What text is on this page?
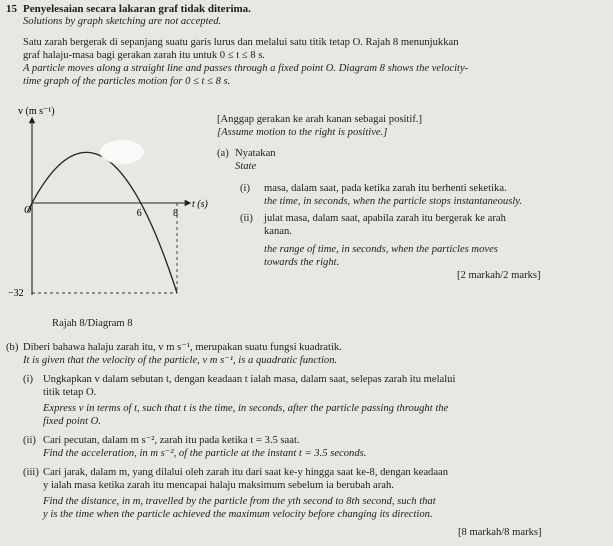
15 Penyelesaian secara lakaran graf tidak diterima.
Solutions by graph sketching are not accepted.
Satu zarah bergerak di sepanjang suatu garis lurus dan melalui satu titik tetap O. Rajah 8 menunjukkan
graf halaju-masa bagi gerakan zarah itu untuk 0 ≤ t ≤ 8 s.
A particle moves along a straight line and passes through a fixed point O. Diagram 8 shows the velocity-
time graph of the particles motion for 0 ≤ t ≤ 8 s.
v (m s⁻¹)
t (s)
O	6	8
−32
Rajah 8/Diagram 8
[Anggap gerakan ke arah kanan sebagai positif.]
[Assume motion to the right is positive.]
(a) Nyatakan
State
(i) masa, dalam saat, pada ketika zarah itu berhenti seketika.
the time, in seconds, when the particle stops instantaneously.
(ii) julat masa, dalam saat, apabila zarah itu bergerak ke arah
kanan.
the range of time, in seconds, when the particles moves
towards the right.
[2 markah/2 marks]
(b) Diberi bahawa halaju zarah itu, v m s⁻¹, merupakan suatu fungsi kuadratik.
It is given that the velocity of the particle, v m s⁻¹, is a quadratic function.
(i) Ungkapkan v dalam sebutan t, dengan keadaan t ialah masa, dalam saat, selepas zarah itu melalui
titik tetap O.
Express v in terms of t, such that t is the time, in seconds, after the particle passing throught the
fixed point O.
(ii) Cari pecutan, dalam m s⁻², zarah itu pada ketika t = 3.5 saat.
Find the acceleration, in m s⁻², of the particle at the instant t = 3.5 seconds.
(iii) Cari jarak, dalam m, yang dilalui oleh zarah itu dari saat ke-y hingga saat ke-8, dengan keadaan
y ialah masa ketika zarah itu mencapai halaju maksimum sebelum ia berubah arah.
Find the distance, in m, travelled by the particle from the yth second to 8th second, such that
y is the time when the particle achieved the maximum velocity before changing its direction.
[8 markah/8 marks]
